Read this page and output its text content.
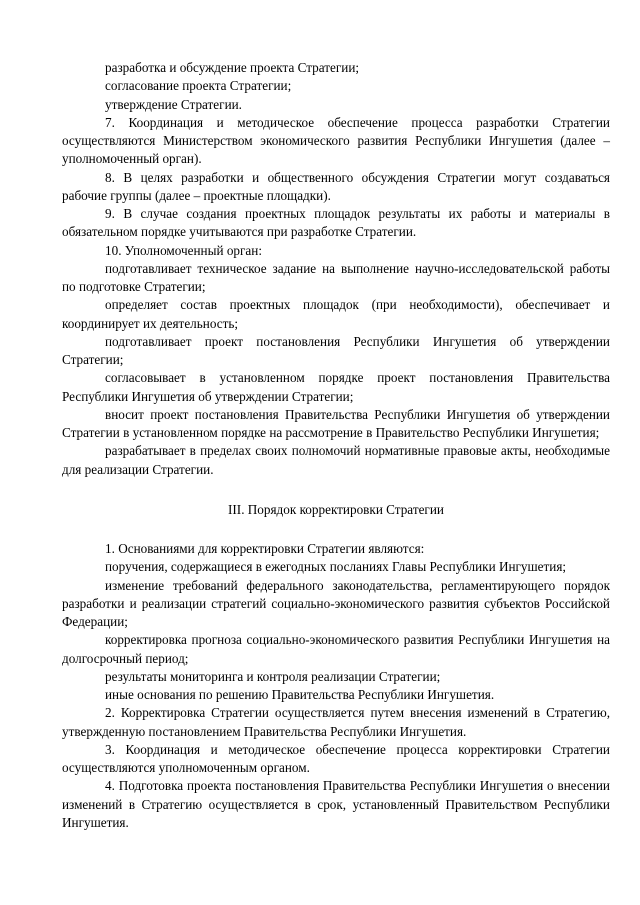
разработка и обсуждение проекта Стратегии;

согласование проекта Стратегии;

утверждение Стратегии.

7. Координация и методическое обеспечение процесса разработки Стратегии осуществляются Министерством экономического развития Республики Ингушетия (далее – уполномоченный орган).

8. В целях разработки и общественного обсуждения Стратегии могут создаваться рабочие группы (далее – проектные площадки).

9. В случае создания проектных площадок результаты их работы и материалы в обязательном порядке учитываются при разработке Стратегии.

10. Уполномоченный орган:

подготавливает техническое задание на выполнение научно-исследовательской работы по подготовке Стратегии;

определяет состав проектных площадок (при необходимости), обеспечивает и координирует их деятельность;

подготавливает проект постановления Республики Ингушетия об утверждении Стратегии;

согласовывает в установленном порядке проект постановления Правительства Республики Ингушетия об утверждении Стратегии;

вносит проект постановления Правительства Республики Ингушетия об утверждении Стратегии в установленном порядке на рассмотрение в Правительство Республики Ингушетия;

разрабатывает в пределах своих полномочий нормативные правовые акты, необходимые для реализации Стратегии.

III. Порядок корректировки Стратегии

1. Основаниями для корректировки Стратегии являются:

поручения, содержащиеся в ежегодных посланиях Главы Республики Ингушетия;

изменение требований федерального законодательства, регламентирующего порядок разработки и реализации стратегий социально-экономического развития субъектов Российской Федерации;

корректировка прогноза социально-экономического развития Республики Ингушетия на долгосрочный период;

результаты мониторинга и контроля реализации Стратегии;

иные основания по решению Правительства Республики Ингушетия.

2. Корректировка Стратегии осуществляется путем внесения изменений в Стратегию, утвержденную постановлением Правительства Республики Ингушетия.

3. Координация и методическое обеспечение процесса корректировки Стратегии осуществляются уполномоченным органом.

4. Подготовка проекта постановления Правительства Республики Ингушетия о внесении изменений в Стратегию осуществляется в срок, установленный Правительством Республики Ингушетия.
